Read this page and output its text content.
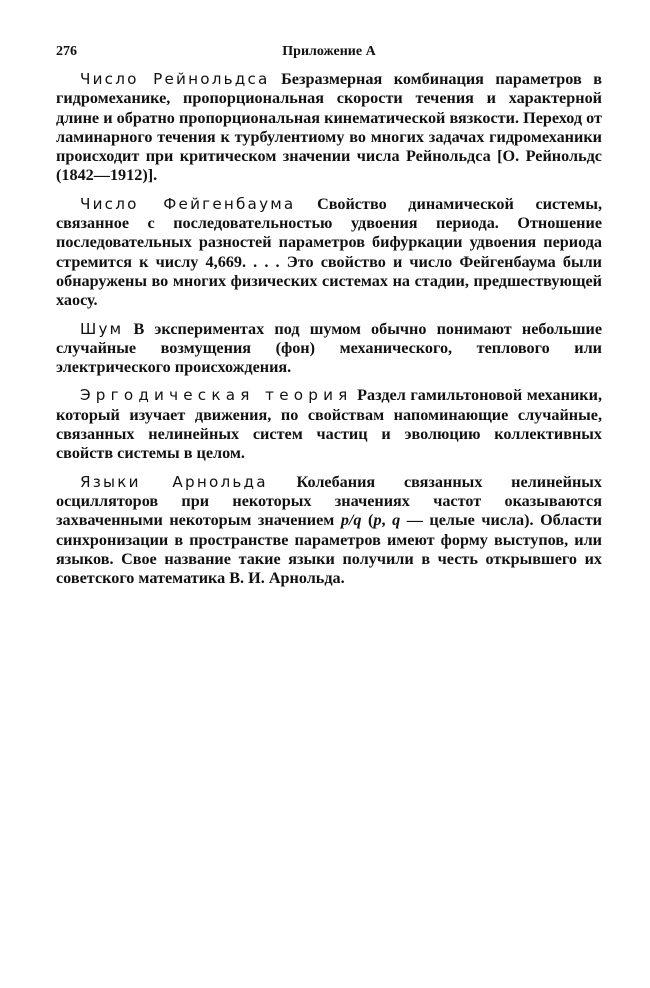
276	Приложение А

Число Рейнольдса Безразмерная комбинация параметров в гидромеханике, пропорциональная скорости течения и характерной длине и обратно пропорциональная кинематической вязкости. Переход от ламинарного течения к турбулентиому во многих задачах гидромеханики происходит при критическом значении числа Рейнольдса [О. Рейнольдс (1842—1912)].

Число Фейгенбаума Свойство динамической системы, связанное с последовательностью удвоения периода. Отношение последовательных разностей параметров бифуркации удвоения периода стремится к числу 4,669. . . . Это свойство и число Фейгенбаума были обнаружены во многих физических системах на стадии, предшествующей хаосу.

Шум В экспериментах под шумом обычно понимают небольшие случайные возмущения (фон) механического, теплового или электрического происхождения.

Эргодическая теория Раздел гамильтоновой механики, который изучает движения, по свойствам напоминающие случайные, связанных нелинейных систем частиц и эволюцию коллективных свойств системы в целом.

Языки Арнольда Колебания связанных нелинейных осцилляторов при некоторых значениях частот оказываются захваченными некоторым значением p/q (p, q — целые числа). Области синхронизации в пространстве параметров имеют форму выступов, или языков. Свое название такие языки получили в честь открывшего их советского математика В. И. Арнольда.
